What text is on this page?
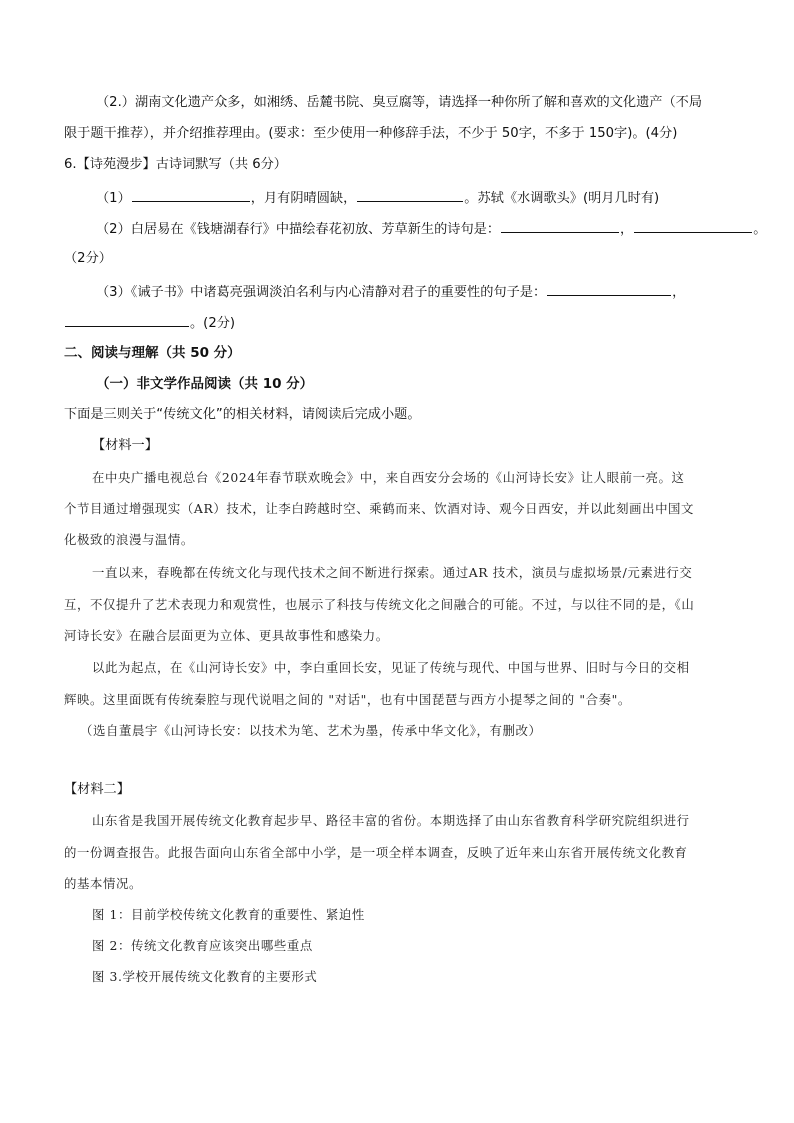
（2.）湖南文化遗产众多，如湘绣、岳麓书院、臭豆腐等，请选择一种你所了解和喜欢的文化遗产（不局
限于题干推荐），并介绍推荐理由。(要求：至少使用一种修辞手法，不少于 50字，不多于 150字)。(4分)
6.【诗苑漫步】古诗词默写（共 6分）
（1）	，月有阴晴圆缺，	。苏轼《水调歌头》(明月几时有)
（2）白居易在《钱塘湖春行》中描绘春花初放、芳草新生的诗句是：	，	。
（2分）
（3）《诫子书》中诸葛亮强调淡泊名利与内心清静对君子的重要性的句子是：	，
。(2分)
二、阅读与理解（共 50 分）
（一）非文学作品阅读（共 10 分）
下面是三则关于“传统文化”的相关材料，请阅读后完成小题。
【材料一】
在中央广播电视总台《2024年春节联欢晚会》中，来自西安分会场的《山河诗长安》让人眼前一亮。这
个节目通过增强现实（AR）技术，让李白跨越时空、乘鹤而来、饮酒对诗、观今日西安，并以此刻画出中国文
化极致的浪漫与温情。
一直以来，春晚都在传统文化与现代技术之间不断进行探索。通过AR 技术，演员与虚拟场景/元素进行交
互，不仅提升了艺术表现力和观赏性，也展示了科技与传统文化之间融合的可能。不过，与以往不同的是，《山
河诗长安》在融合层面更为立体、更具故事性和感染力。
以此为起点，在《山河诗长安》中，李白重回长安，见证了传统与现代、中国与世界、旧时与今日的交相
辉映。这里面既有传统秦腔与现代说唱之间的 "对话"，也有中国琵琶与西方小提琴之间的 "合奏"。
（选自董晨宇《山河诗长安：以技术为笔、艺术为墨，传承中华文化》，有删改）
【材料二】
山东省是我国开展传统文化教育起步早、路径丰富的省份。本期选择了由山东省教育科学研究院组织进行
的一份调查报告。此报告面向山东省全部中小学，是一项全样本调查，反映了近年来山东省开展传统文化教育
的基本情况。
图 1：目前学校传统文化教育的重要性、紧迫性
图 2：传统文化教育应该突出哪些重点
图 3.学校开展传统文化教育的主要形式
